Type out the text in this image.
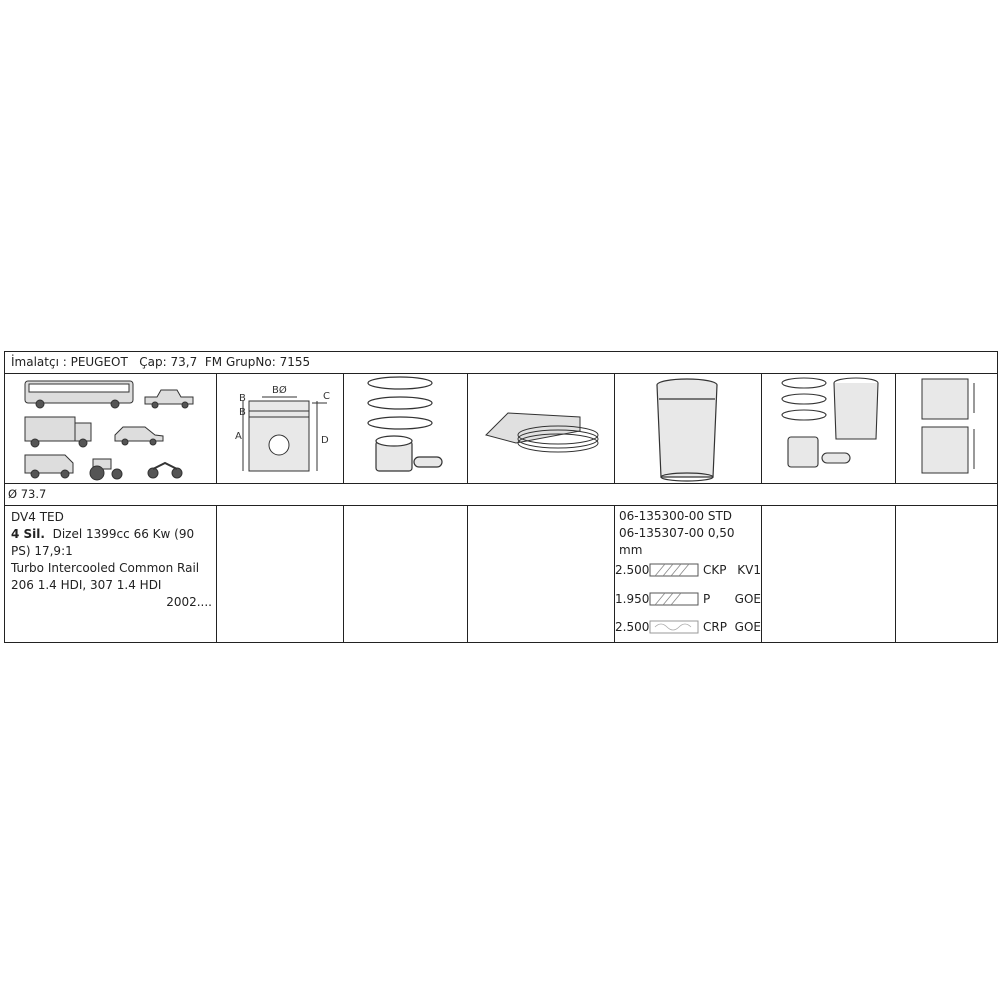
İmalatçı : PEUGEOT Çap: 73,7 FM GrupNo: 7155
B
B
BØ
C
A	D
Ø 73.7
DV4 TED
4 Sil. Dizel 1399cc 66 Kw (90
PS) 17,9:1
Turbo Intercooled Common Rail
206 1.4 HDI, 307 1.4 HDI
2002....
06-135300-00 STD
06-135307-00 0,50 mm
2.500	CKP KV1
1.950	P GOE
2.500	CRP GOE
